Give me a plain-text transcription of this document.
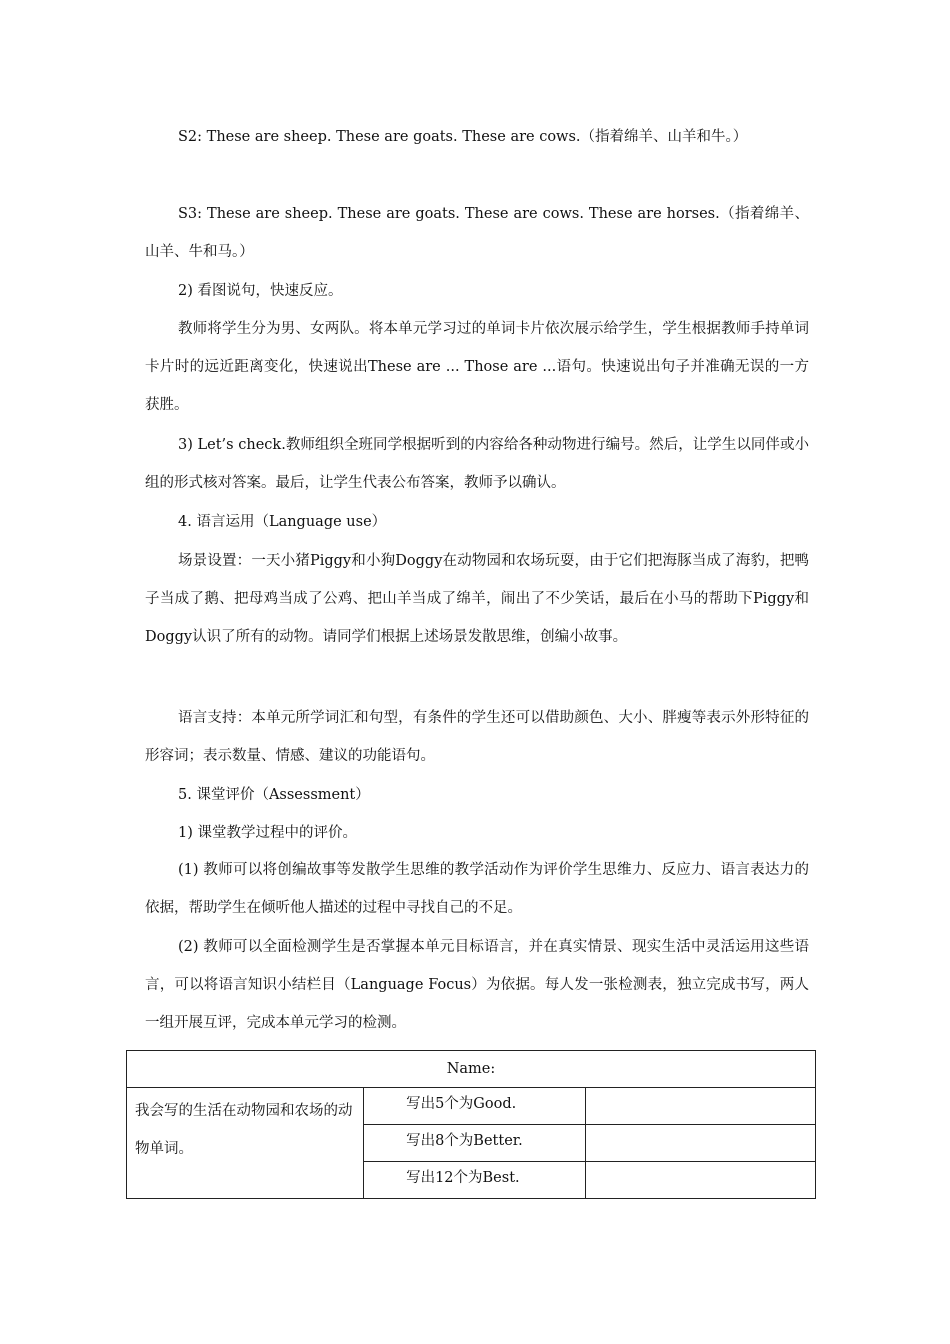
S2: These are sheep. These are goats. These are cows.（指着绵羊、山羊和牛。）

S3: These are sheep. These are goats. These are cows. These are horses.（指着绵羊、山羊、牛和马。）

2) 看图说句，快速反应。

教师将学生分为男、女两队。将本单元学习过的单词卡片依次展示给学生，学生根据教师手持单词卡片时的远近距离变化，快速说出These are ... Those are ...语句。快速说出句子并准确无误的一方获胜。

3) Let’s check.教师组织全班同学根据听到的内容给各种动物进行编号。然后，让学生以同伴或小组的形式核对答案。最后，让学生代表公布答案，教师予以确认。

4. 语言运用（Language use）

场景设置：一天小猪Piggy和小狗Doggy在动物园和农场玩耍，由于它们把海豚当成了海豹，把鸭子当成了鹅、把母鸡当成了公鸡、把山羊当成了绵羊，闹出了不少笑话，最后在小马的帮助下Piggy和Doggy认识了所有的动物。请同学们根据上述场景发散思维，创编小故事。

语言支持：本单元所学词汇和句型，有条件的学生还可以借助颜色、大小、胖瘦等表示外形特征的形容词；表示数量、情感、建议的功能语句。

5. 课堂评价（Assessment）

1) 课堂教学过程中的评价。

(1) 教师可以将创编故事等发散学生思维的教学活动作为评价学生思维力、反应力、语言表达力的依据，帮助学生在倾听他人描述的过程中寻找自己的不足。

(2) 教师可以全面检测学生是否掌握本单元目标语言，并在真实情景、现实生活中灵活运用这些语言，可以将语言知识小结栏目（Language Focus）为依据。每人发一张检测表，独立完成书写，两人一组开展互评，完成本单元学习的检测。

Name:		
我会写的生活在动物园和农场的动物单词。	写出5个为Good.	
	写出8个为Better.	
	写出12个为Best.	
